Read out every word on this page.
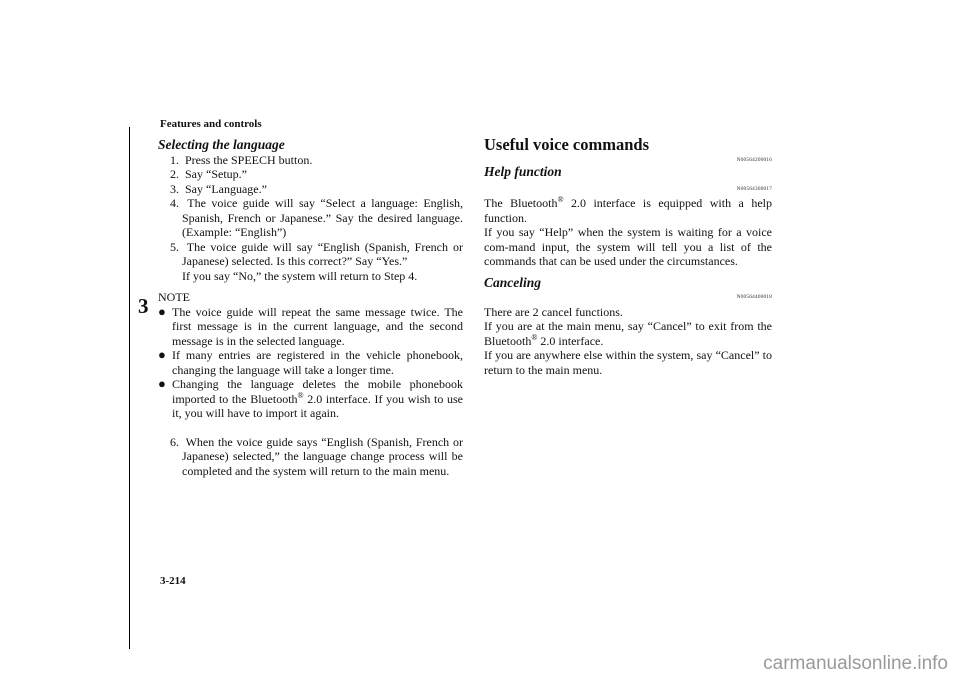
Features and controls
3
Selecting the language
1. Press the SPEECH button.
2. Say “Setup.”
3. Say “Language.”
4. The voice guide will say “Select a language: English, Spanish, French or Japanese.” Say the desired language. (Example: “English”)
5. The voice guide will say “English (Spanish, French or Japanese) selected. Is this correct?” Say “Yes.”

If you say “No,” the system will return to Step 4.

NOTE
● The voice guide will repeat the same message twice. The first message is in the current language, and the second message is in the selected language.
● If many entries are registered in the vehicle phonebook, changing the language will take a longer time.
● Changing the language deletes the mobile phonebook imported to the Bluetooth® 2.0 interface. If you wish to use it, you will have to import it again.
6. When the voice guide says “English (Spanish, French or Japanese) selected,” the language change process will be completed and the system will return to the main menu.
Useful voice commands
N00564200016
Help function
N00564300017
The Bluetooth® 2.0 interface is equipped with a help function.
If you say “Help” when the system is waiting for a voice com-mand input, the system will tell you a list of the commands that can be used under the circumstances.
Canceling
N00564400018
There are 2 cancel functions.
If you are at the main menu, say “Cancel” to exit from the Bluetooth® 2.0 interface.
If you are anywhere else within the system, say “Cancel” to return to the main menu.
3-214
carmanualsonline.info
